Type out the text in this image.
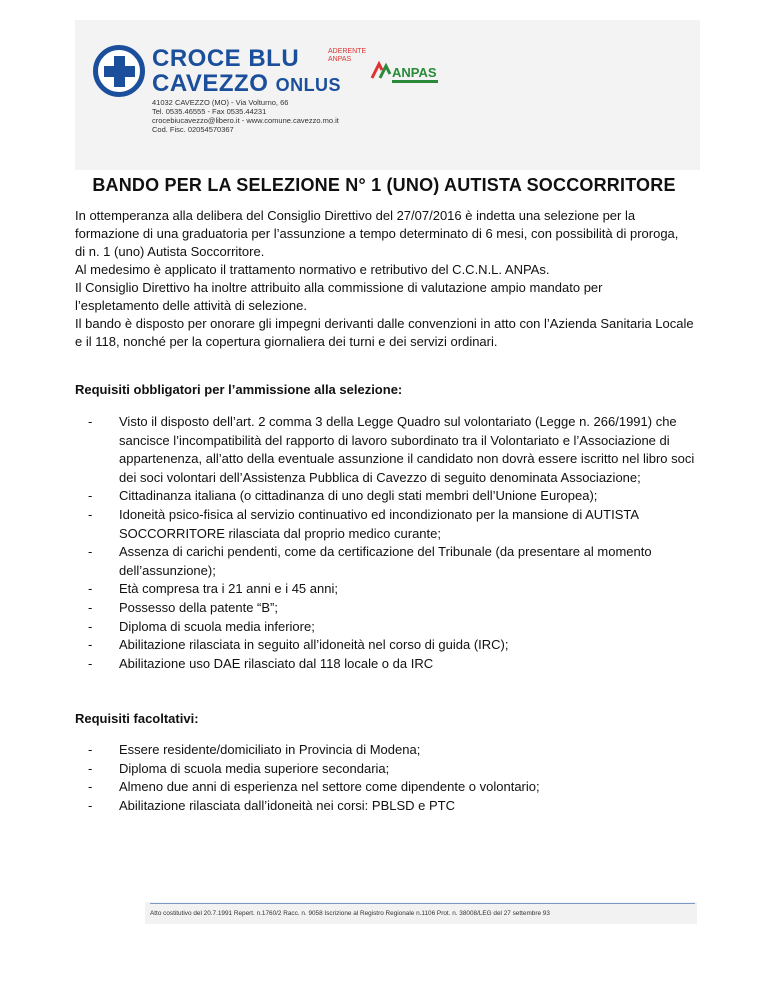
CROCE BLU
CAVEZZO ONLUS
41032 CAVEZZO (MO) - Via Volturno, 66
Tel. 0535.46555 - Fax 0535.44231
crocebiucavezzo@libero.it - www.comune.cavezzo.mo.it
Cod. Fisc. 02054570367
ADERENTE
ANPAS
ANPAS
BANDO PER LA SELEZIONE N° 1 (UNO) AUTISTA SOCCORRITORE
In ottemperanza alla delibera del Consiglio Direttivo del 27/07/2016 è indetta una selezione per la
formazione di una graduatoria per l’assunzione a tempo determinato di 6 mesi, con possibilità di proroga,
di n. 1 (uno) Autista Soccorritore.
Al medesimo è applicato il trattamento normativo e retributivo del C.C.N.L. ANPAs.
Il Consiglio Direttivo ha inoltre attribuito alla commissione di valutazione ampio mandato per
l’espletamento delle attività di selezione.
Il bando è disposto per onorare gli impegni derivanti dalle convenzioni in atto con l’Azienda Sanitaria Locale
e il 118, nonché per la copertura giornaliera dei turni e dei servizi ordinari.
Requisiti obbligatori per l’ammissione alla selezione:
- Visto il disposto dell’art. 2 comma 3 della Legge Quadro sul volontariato (Legge n. 266/1991) che sancisce l’incompatibilità del rapporto di lavoro subordinato tra il Volontariato e l’Associazione di appartenenza, all’atto della eventuale assunzione il candidato non dovrà essere iscritto nel libro soci dei soci volontari dell’Assistenza Pubblica di Cavezzo di seguito denominata Associazione;
- Cittadinanza italiana (o cittadinanza di uno degli stati membri dell’Unione Europea);
- Idoneità psico-fisica al servizio continuativo ed incondizionato per la mansione di AUTISTA SOCCORRITORE rilasciata dal proprio medico curante;
- Assenza di carichi pendenti, come da certificazione del Tribunale (da presentare al momento dell’assunzione);
- Età compresa tra i 21 anni e i 45 anni;
- Possesso della patente “B”;
- Diploma di scuola media inferiore;
- Abilitazione rilasciata in seguito all’idoneità nel corso di guida (IRC);
- Abilitazione uso DAE rilasciato dal 118 locale o da IRC
Requisiti facoltativi:
- Essere residente/domiciliato in Provincia di Modena;
- Diploma di scuola media superiore secondaria;
- Almeno due anni di esperienza nel settore come dipendente o volontario;
- Abilitazione rilasciata dall’idoneità nei corsi: PBLSD e PTC
Atto costitutivo del 20.7.1991 Repert. n.1760/2 Racc. n. 9058 Iscrizione al Registro Regionale n.1106 Prot. n. 38008/LEG del 27 settembre 93
